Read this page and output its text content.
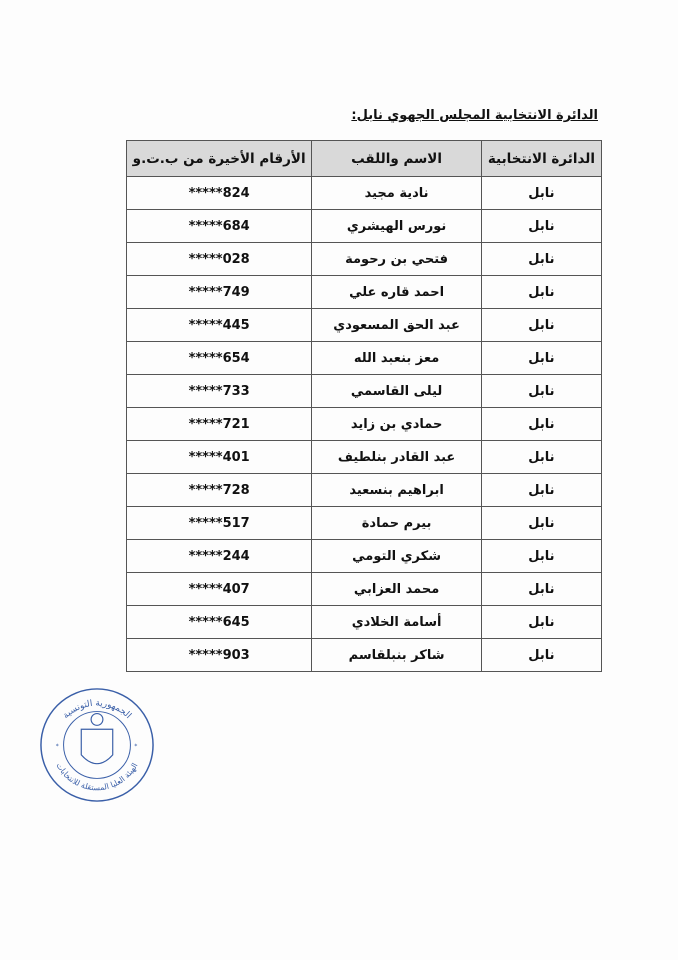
الدائرة الانتخابية المجلس الجهوي نابل:
الدائرة الانتخابية	الاسم واللقب	الأرقام الأخيرة من ب.ت.و
نابل	نادية مجيد	*****824
نابل	نورس الهيشري	*****684
نابل	فتحي بن رحومة	*****028
نابل	احمد قاره علي	*****749
نابل	عبد الحق المسعودي	*****445
نابل	معز بنعبد الله	*****654
نابل	ليلى القاسمي	*****733
نابل	حمادي بن زايد	*****721
نابل	عبد القادر بنلطيف	*****401
نابل	ابراهيم بنسعيد	*****728
نابل	بيرم حمادة	*****517
نابل	شكري التومي	*****244
نابل	محمد العزابي	*****407
نابل	أسامة الخلادي	*****645
نابل	شاكر بنبلقاسم	*****903
*	*
الجمهورية التونسية
الهيئة العليا المستقلة للانتخابات
